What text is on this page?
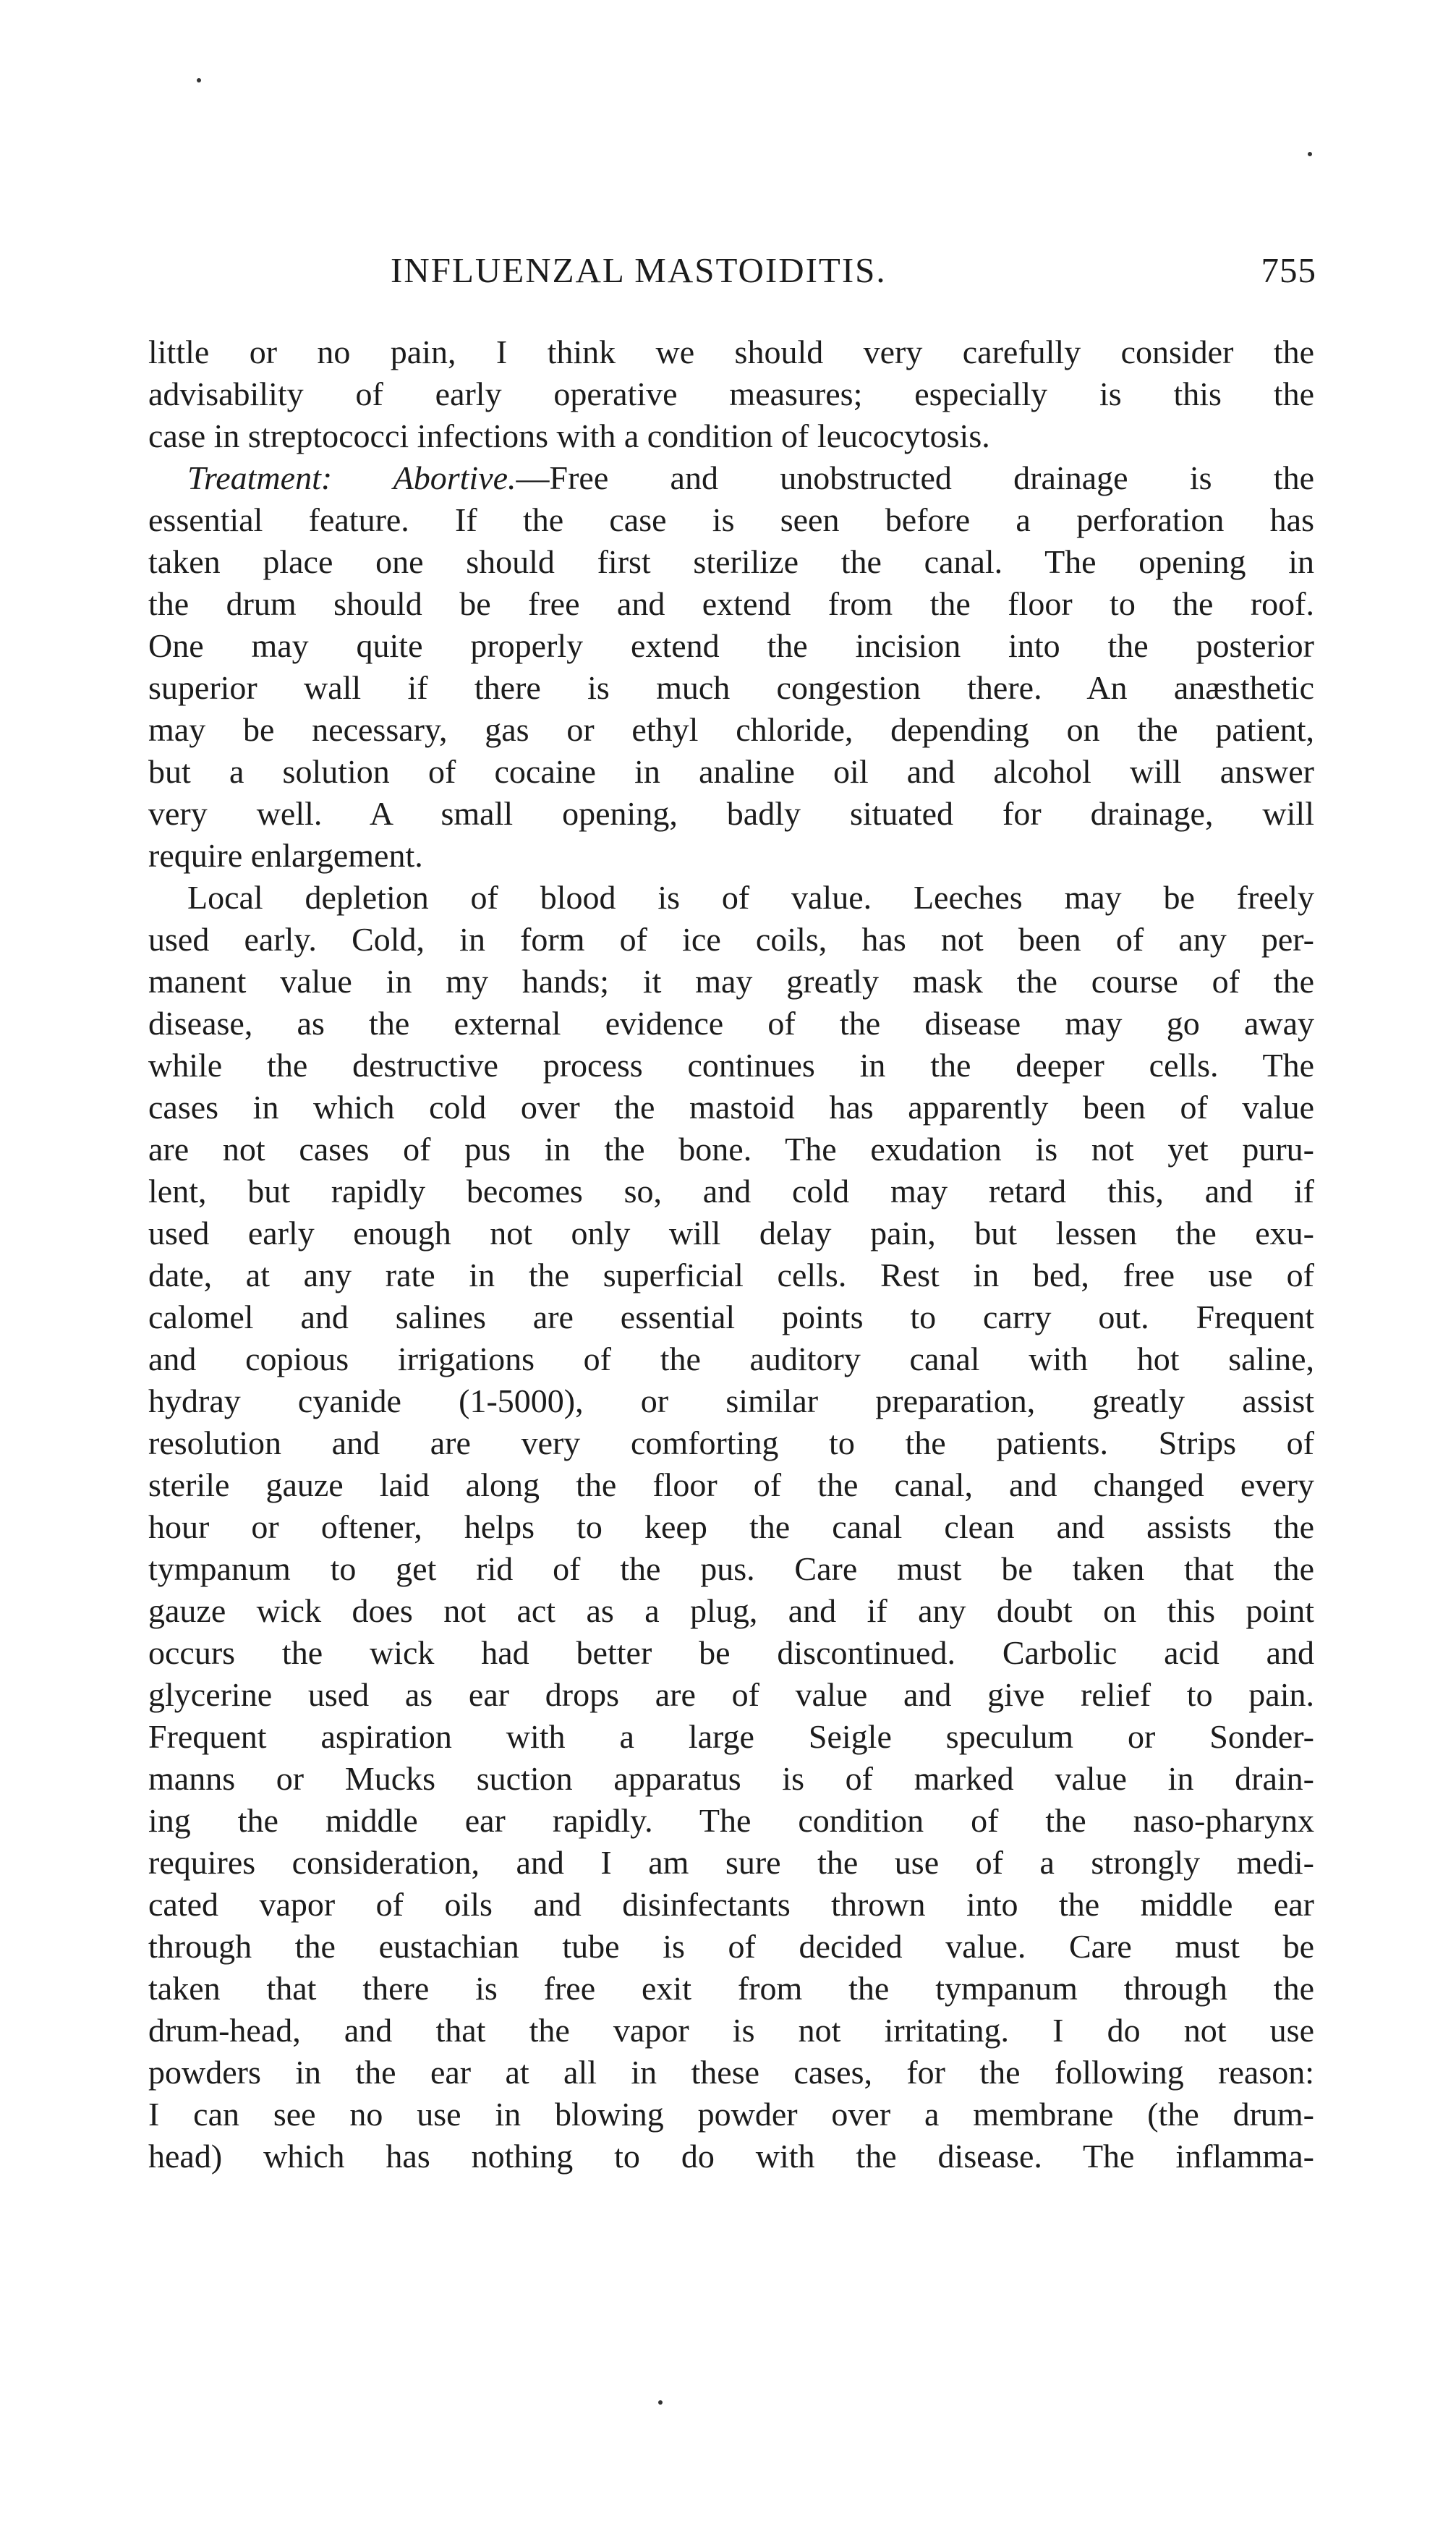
INFLUENZAL MASTOIDITIS.	755
little or no pain, I think we should very carefully consider the
advisability of early operative measures; especially is this the
case in streptococci infections with a condition of leucocytosis.
Treatment: Abortive.—Free and unobstructed drainage is the
essential feature. If the case is seen before a perforation has
taken place one should first sterilize the canal. The opening in
the drum should be free and extend from the floor to the roof.
One may quite properly extend the incision into the posterior
superior wall if there is much congestion there. An anæsthetic
may be necessary, gas or ethyl chloride, depending on the patient,
but a solution of cocaine in analine oil and alcohol will answer
very well. A small opening, badly situated for drainage, will
require enlargement.
Local depletion of blood is of value. Leeches may be freely
used early. Cold, in form of ice coils, has not been of any per-
manent value in my hands; it may greatly mask the course of the
disease, as the external evidence of the disease may go away
while the destructive process continues in the deeper cells. The
cases in which cold over the mastoid has apparently been of value
are not cases of pus in the bone. The exudation is not yet puru-
lent, but rapidly becomes so, and cold may retard this, and if
used early enough not only will delay pain, but lessen the exu-
date, at any rate in the superficial cells. Rest in bed, free use of
calomel and salines are essential points to carry out. Frequent
and copious irrigations of the auditory canal with hot saline,
hydray cyanide (1-5000), or similar preparation, greatly assist
resolution and are very comforting to the patients. Strips of
sterile gauze laid along the floor of the canal, and changed every
hour or oftener, helps to keep the canal clean and assists the
tympanum to get rid of the pus. Care must be taken that the
gauze wick does not act as a plug, and if any doubt on this point
occurs the wick had better be discontinued. Carbolic acid and
glycerine used as ear drops are of value and give relief to pain.
Frequent aspiration with a large Seigle speculum or Sonder-
manns or Mucks suction apparatus is of marked value in drain-
ing the middle ear rapidly. The condition of the naso-pharynx
requires consideration, and I am sure the use of a strongly medi-
cated vapor of oils and disinfectants thrown into the middle ear
through the eustachian tube is of decided value. Care must be
taken that there is free exit from the tympanum through the
drum-head, and that the vapor is not irritating. I do not use
powders in the ear at all in these cases, for the following reason:
I can see no use in blowing powder over a membrane (the drum-
head) which has nothing to do with the disease. The inflamma-
